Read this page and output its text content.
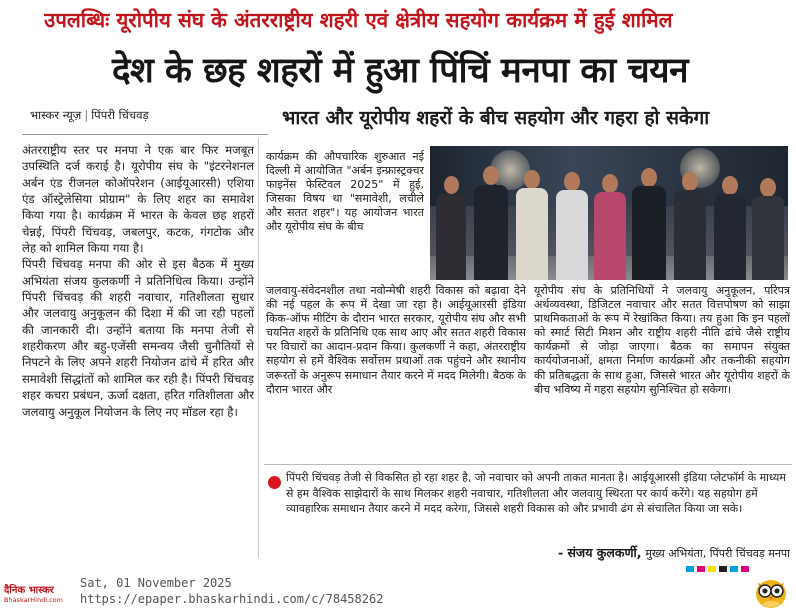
उपलब्धिः यूरोपीय संघ के अंतरराष्ट्रीय शहरी एवं क्षेत्रीय सहयोग कार्यक्रम में हुई शामिल
देश के छह शहरों में हुआ पिंचिं मनपा का चयन
भास्कर न्यूज़ | पिंपरी चिंचवड़	भारत और यूरोपीय शहरों के बीच सहयोग और गहरा हो सकेगा

अंतरराष्ट्रीय स्तर पर मनपा ने एक बार फिर मजबूत उपस्थिति दर्ज कराई है। यूरोपीय संघ के "इंटरनेशनल अर्बन एंड रीजनल कोऑपरेशन (आईयूआरसी) एशिया एंड ऑस्ट्रेलेसिया प्रोग्राम" के लिए शहर का समावेश किया गया है। कार्यक्रम में भारत के केवल छह शहरों चेन्नई, पिंपरी चिंचवड़, जबलपुर, कटक, गंगटोक और लेह को शामिल किया गया है।

पिंपरी चिंचवड़ मनपा की ओर से इस बैठक में मुख्य अभियंता संजय कुलकर्णी ने प्रतिनिधित्व किया। उन्होंने पिंपरी चिंचवड़ की शहरी नवाचार, गतिशीलता सुधार और जलवायु अनुकूलन की दिशा में की जा रही पहलों की जानकारी दी। उन्होंने बताया कि मनपा तेजी से शहरीकरण और बहु-एजेंसी समन्वय जैसी चुनौतियों से निपटने के लिए अपने शहरी नियोजन ढांचे में हरित और समावेशी सिद्धांतों को शामिल कर रही है। पिंपरी चिंचवड़ शहर कचरा प्रबंधन, ऊर्जा दक्षता, हरित गतिशीलता और जलवायु अनुकूल नियोजन के लिए नए मॉडल रहा है।

कार्यक्रम की औपचारिक शुरुआत नई दिल्ली में आयोजित "अर्बन इन्फ्रास्ट्रक्चर फाइनेंस फेस्टिवल 2025" में हुई, जिसका विषय था "समावेशी, लचीले और सतत शहर"। यह आयोजन भारत और यूरोपीय संघ के बीच
जलवायु-संवेदनशील तथा नवोन्मेषी शहरी विकास को बढ़ावा देने की नई पहल के रूप में देखा जा रहा है। आईयूआरसी इंडिया किक-ऑफ मीटिंग के दौरान भारत सरकार, यूरोपीय संघ और सभी चयनित शहरों के प्रतिनिधि एक साथ आए और सतत शहरी विकास पर विचारों का आदान-प्रदान किया। कुलकर्णी ने कहा, अंतरराष्ट्रीय सहयोग से हमें वैश्विक सर्वोत्तम प्रथाओं तक पहुंचने और स्थानीय जरूरतों के अनुरूप समाधान तैयार करने में मदद मिलेगी। बैठक के दौरान भारत और
यूरोपीय संघ के प्रतिनिधियों ने जलवायु अनुकूलन, परिपत्र अर्थव्यवस्था, डिजिटल नवाचार और सतत वित्तपोषण को साझा प्राथमिकताओं के रूप में रेखांकित किया। तय हुआ कि इन पहलों को स्मार्ट सिटी मिशन और राष्ट्रीय शहरी नीति ढांचे जैसे राष्ट्रीय कार्यक्रमों से जोड़ा जाएगा। बैठक का समापन संयुक्त कार्ययोजनाओं, क्षमता निर्माण कार्यक्रमों और तकनीकी सहयोग की प्रतिबद्धता के साथ हुआ, जिससे भारत और यूरोपीय शहरों के बीच भविष्य में गहरा सहयोग सुनिश्चित हो सकेगा।
पिंपरी चिंचवड़ तेजी से विकसित हो रहा शहर है, जो नवाचार को अपनी ताकत मानता है। आईयूआरसी इंडिया प्लेटफॉर्म के माध्यम से हम वैश्विक साझेदारों के साथ मिलकर शहरी नवाचार, गतिशीलता और जलवायु स्थिरता पर कार्य करेंगे। यह सहयोग हमें व्यावहारिक समाधान तैयार करने में मदद करेगा, जिससे शहरी विकास को और प्रभावी ढंग से संचालित किया जा सके।
- संजय कुलकर्णी, मुख्य अभियंता, पिंपरी चिंचवड़ मनपा
दैनिक भास्कर
BhaskarHindi.com
Sat, 01 November 2025
https://epaper.bhaskarhindi.com/c/78458262
